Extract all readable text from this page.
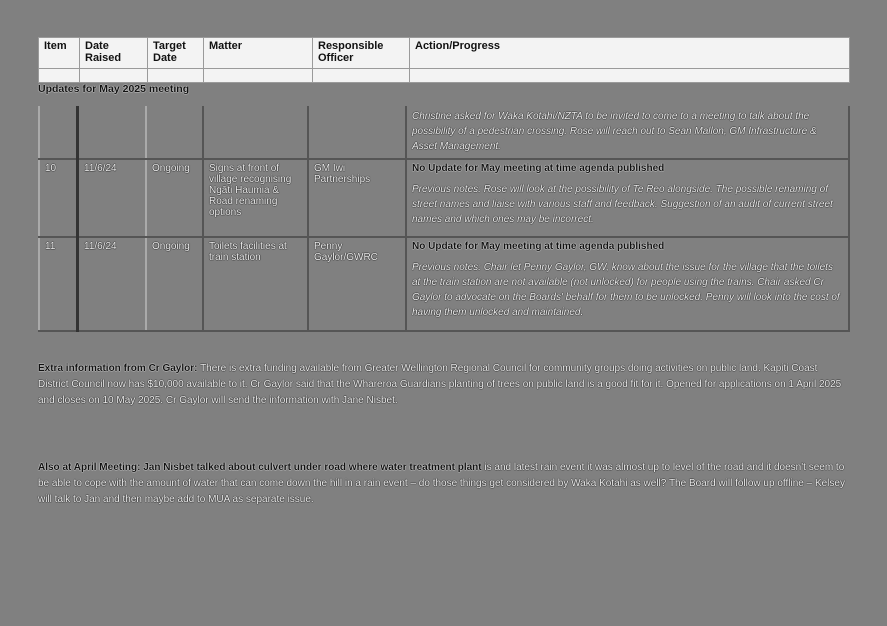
Item	Date Raised	Target Date	Matter	Responsible Officer	Action/Progress

Updates for May 2025 meeting

					Christine asked for Waka Kotahi/NZTA to be invited to come to a meeting to talk about the possibility of a pedestrian crossing. Rose will reach out to Sean Mallon, GM Infrastructure & Asset Management.

10	11/6/24	Ongoing	Signs at front of village recognising Ngāti Haumia & Road renaming options	GM Iwi Partnerships	No Update for May meeting at time agenda published
Previous notes: Rose will look at the possibility of Te Reo alongside. The possible renaming of street names and liaise with various staff and feedback. Suggestion of an audit of current street names and which ones may be incorrect.

11	11/6/24	Ongoing	Toilets facilities at train station	Penny Gaylor/GWRC	No Update for May meeting at time agenda published
Previous notes: Chair let Penny Gaylor, GW, know about the issue for the village that the toilets at the train station are not available (not unlocked) for people using the trains. Chair asked Cr Gaylor to advocate on the Boards' behalf for them to be unlocked. Penny will look into the cost of having them unlocked and maintained.
Extra information from Cr Gaylor: There is extra funding available from Greater Wellington Regional Council for community groups doing activities on public land. Kapiti Coast District Council now has $10,000 available to it. Cr Gaylor said that the Whareroa Guardians planting of trees on public land is a good fit for it. Opened for applications on 1 April 2025 and closes on 10 May 2025. Cr Gaylor will send the information with Jane Nisbet.
Also at April Meeting: Jan Nisbet talked about culvert under road where water treatment plant is and latest rain event it was almost up to level of the road and it doesn't seem to be able to cope with the amount of water that can come down the hill in a rain event – do those things get considered by Waka Kotahi as well? The Board will follow up offline – Kelsey will talk to Jan and then maybe add to MUA as separate issue.
